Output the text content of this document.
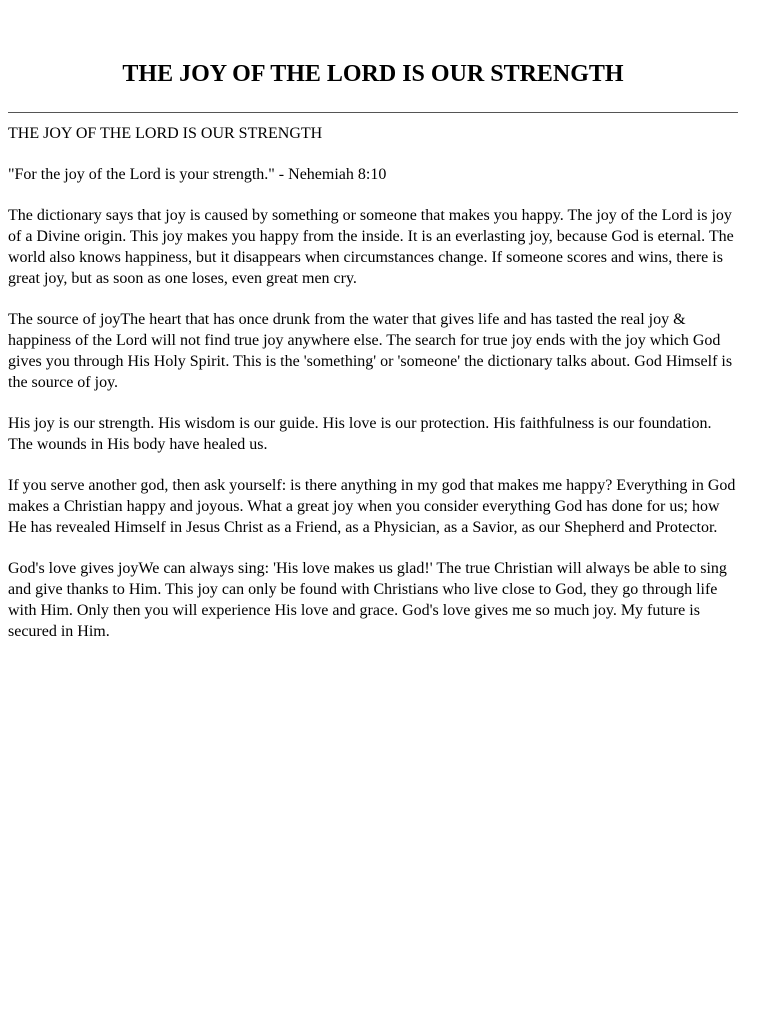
THE JOY OF THE LORD IS OUR STRENGTH

THE JOY OF THE LORD IS OUR STRENGTH

"For the joy of the Lord is your strength." - Nehemiah 8:10

The dictionary says that joy is caused by something or someone that makes you happy. The joy of the Lord is joy of a Divine origin. This joy makes you happy from the inside. It is an everlasting joy, because God is eternal. The world also knows happiness, but it disappears when circumstances change. If someone scores and wins, there is great joy, but as soon as one loses, even great men cry.

The source of joyThe heart that has once drunk from the water that gives life and has tasted the real joy & happiness of the Lord will not find true joy anywhere else. The search for true joy ends with the joy which God gives you through His Holy Spirit. This is the 'something' or 'someone' the dictionary talks about. God Himself is the source of joy.

His joy is our strength. His wisdom is our guide. His love is our protection. His faithfulness is our foundation. The wounds in His body have healed us.

If you serve another god, then ask yourself: is there anything in my god that makes me happy? Everything in God makes a Christian happy and joyous. What a great joy when you consider everything God has done for us; how He has revealed Himself in Jesus Christ as a Friend, as a Physician, as a Savior, as our Shepherd and Protector.

God's love gives joyWe can always sing: 'His love makes us glad!' The true Christian will always be able to sing and give thanks to Him. This joy can only be found with Christians who live close to God, they go through life with Him. Only then you will experience His love and grace. God's love gives me so much joy. My future is secured in Him.
